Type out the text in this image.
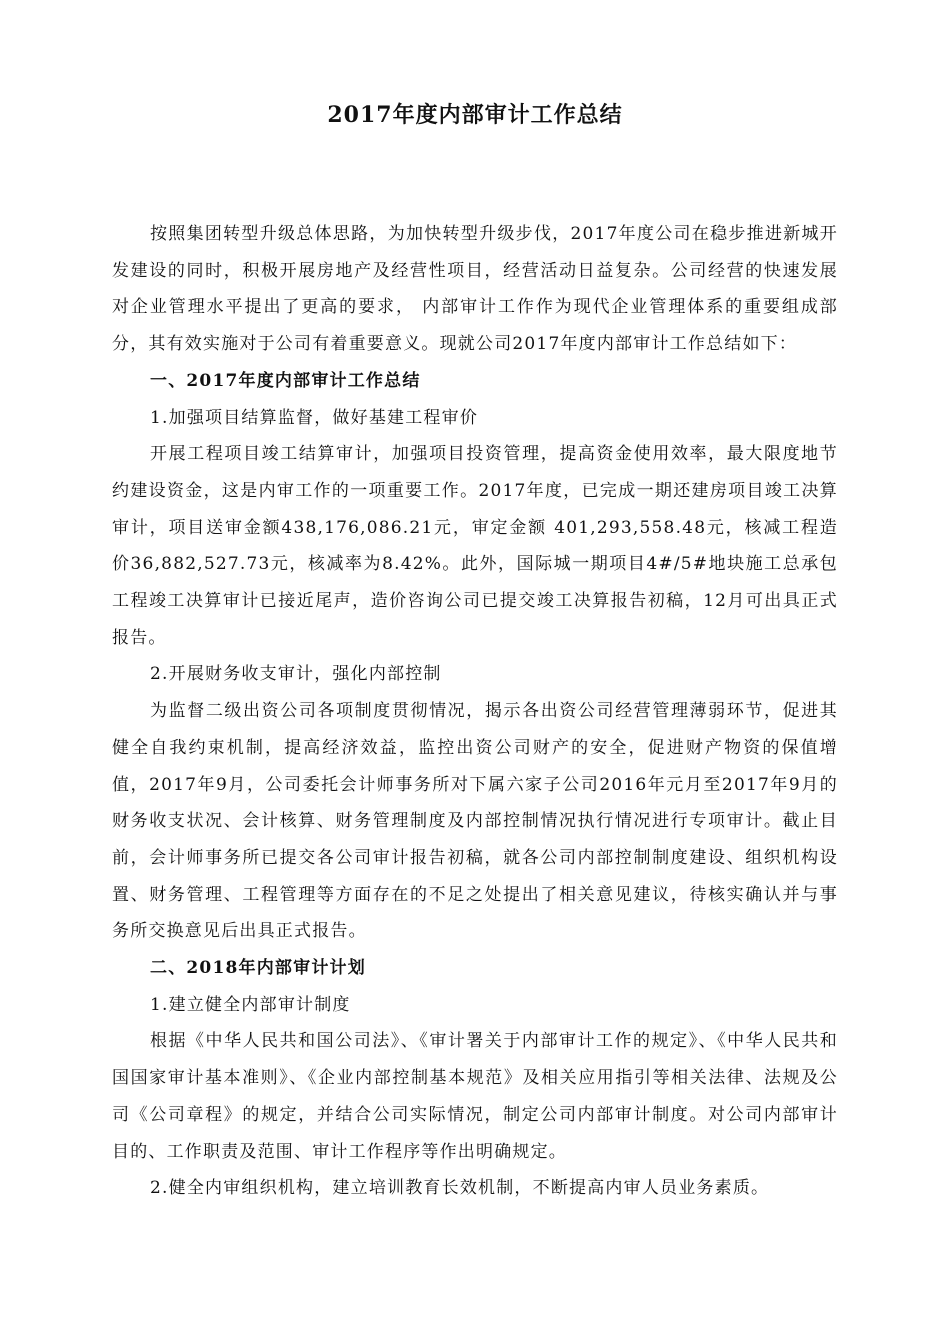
2017年度内部审计工作总结

按照集团转型升级总体思路，为加快转型升级步伐，2017年度公司在稳步推进新城开发建设的同时，积极开展房地产及经营性项目，经营活动日益复杂。公司经营的快速发展对企业管理水平提出了更高的要求， 内部审计工作作为现代企业管理体系的重要组成部分，其有效实施对于公司有着重要意义。现就公司2017年度内部审计工作总结如下：

一、2017年度内部审计工作总结

1.加强项目结算监督，做好基建工程审价

开展工程项目竣工结算审计，加强项目投资管理，提高资金使用效率，最大限度地节约建设资金，这是内审工作的一项重要工作。2017年度，已完成一期还建房项目竣工决算审计，项目送审金额438,176,086.21元，审定金额 401,293,558.48元，核减工程造价36,882,527.73元，核减率为8.42%。此外，国际城一期项目4#/5#地块施工总承包工程竣工决算审计已接近尾声，造价咨询公司已提交竣工决算报告初稿，12月可出具正式报告。

2.开展财务收支审计，强化内部控制

为监督二级出资公司各项制度贯彻情况，揭示各出资公司经营管理薄弱环节，促进其健全自我约束机制，提高经济效益，监控出资公司财产的安全，促进财产物资的保值增值，2017年9月，公司委托会计师事务所对下属六家子公司2016年元月至2017年9月的财务收支状况、会计核算、财务管理制度及内部控制情况执行情况进行专项审计。截止目前，会计师事务所已提交各公司审计报告初稿，就各公司内部控制制度建设、组织机构设置、财务管理、工程管理等方面存在的不足之处提出了相关意见建议，待核实确认并与事务所交换意见后出具正式报告。

二、2018年内部审计计划

1.建立健全内部审计制度

根据《中华人民共和国公司法》、《审计署关于内部审计工作的规定》、《中华人民共和国国家审计基本准则》、《企业内部控制基本规范》及相关应用指引等相关法律、法规及公司《公司章程》的规定，并结合公司实际情况，制定公司内部审计制度。对公司内部审计目的、工作职责及范围、审计工作程序等作出明确规定。

2.健全内审组织机构，建立培训教育长效机制，不断提高内审人员业务素质。
